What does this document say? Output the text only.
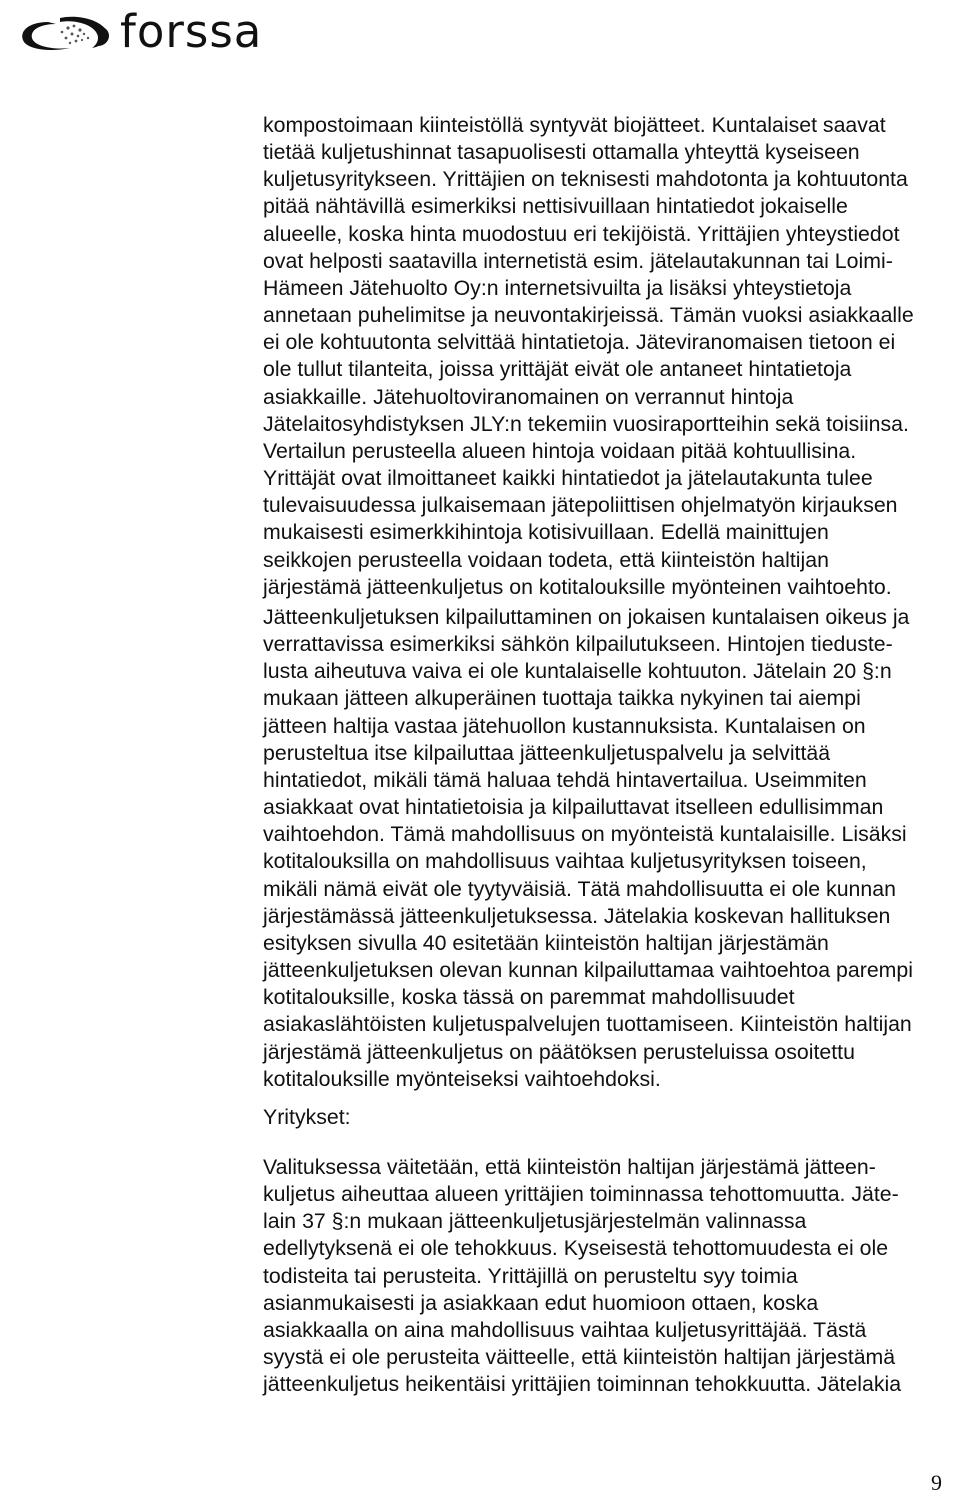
forssa
kompostoimaan kiinteistöllä syntyvät biojätteet. Kuntalaiset saavat
tietää kuljetushinnat tasapuolisesti ottamalla yhteyttä kyseiseen
kuljetusyritykseen. Yrittäjien on teknisesti mahdotonta ja kohtuutonta
pitää nähtävillä esimerkiksi nettisivuillaan hintatiedot jokaiselle
alueelle, koska hinta muodostuu eri tekijöistä. Yrittäjien yhteystiedot
ovat helposti saatavilla internetistä esim. jätelautakunnan tai Loimi-
Hämeen Jätehuolto Oy:n internetsivuilta ja lisäksi yhteystietoja
annetaan puhelimitse ja neuvontakirjeissä. Tämän vuoksi asiakkaalle
ei ole kohtuutonta selvittää hintatietoja. Jäteviranomaisen tietoon ei
ole tullut tilanteita, joissa yrittäjät eivät ole antaneet hintatietoja
asiakkaille. Jätehuoltoviranomainen on verrannut hintoja
Jätelaitosyhdistyksen JLY:n tekemiin vuosiraportteihin sekä toisiinsa.
Vertailun perusteella alueen hintoja voidaan pitää kohtuullisina.
Yrittäjät ovat ilmoittaneet kaikki hintatiedot ja jätelautakunta tulee
tulevaisuudessa julkaisemaan jätepoliittisen ohjelmatyön kirjauksen
mukaisesti esimerkkihintoja kotisivuillaan. Edellä mainittujen
seikkojen perusteella voidaan todeta, että kiinteistön haltijan
järjestämä jätteenkuljetus on kotitalouksille myönteinen vaihtoehto.
Jätteenkuljetuksen kilpailuttaminen on jokaisen kuntalaisen oikeus ja
verrattavissa esimerkiksi sähkön kilpailutukseen. Hintojen tieduste-
lusta aiheutuva vaiva ei ole kuntalaiselle kohtuuton. Jätelain 20 §:n
mukaan jätteen alkuperäinen tuottaja taikka nykyinen tai aiempi
jätteen haltija vastaa jätehuollon kustannuksista. Kuntalaisen on
perusteltua itse kilpailuttaa jätteenkuljetuspalvelu ja selvittää
hintatiedot, mikäli tämä haluaa tehdä hintavertailua. Useimmiten
asiakkaat ovat hintatietoisia ja kilpailuttavat itselleen edullisimman
vaihtoehdon. Tämä mahdollisuus on myönteistä kuntalaisille. Lisäksi
kotitalouksilla on mahdollisuus vaihtaa kuljetusyrityksen toiseen,
mikäli nämä eivät ole tyytyväisiä. Tätä mahdollisuutta ei ole kunnan
järjestämässä jätteenkuljetuksessa. Jätelakia koskevan hallituksen
esityksen sivulla 40 esitetään kiinteistön haltijan järjestämän
jätteenkuljetuksen olevan kunnan kilpailuttamaa vaihtoehtoa parempi
kotitalouksille, koska tässä on paremmat mahdollisuudet
asiakaslähtöisten kuljetuspalvelujen tuottamiseen. Kiinteistön haltijan
järjestämä jätteenkuljetus on päätöksen perusteluissa osoitettu
kotitalouksille myönteiseksi vaihtoehdoksi.
Yritykset:
Valituksessa väitetään, että kiinteistön haltijan järjestämä jätteen-
kuljetus aiheuttaa alueen yrittäjien toiminnassa tehottomuutta. Jäte-
lain 37 §:n mukaan jätteenkuljetusjärjestelmän valinnassa
edellytyksenä ei ole tehokkuus. Kyseisestä tehottomuudesta ei ole
todisteita tai perusteita. Yrittäjillä on perusteltu syy toimia
asianmukaisesti ja asiakkaan edut huomioon ottaen, koska
asiakkaalla on aina mahdollisuus vaihtaa kuljetusyrittäjää. Tästä
syystä ei ole perusteita väitteelle, että kiinteistön haltijan järjestämä
jätteenkuljetus heikentäisi yrittäjien toiminnan tehokkuutta. Jätelakia
9
